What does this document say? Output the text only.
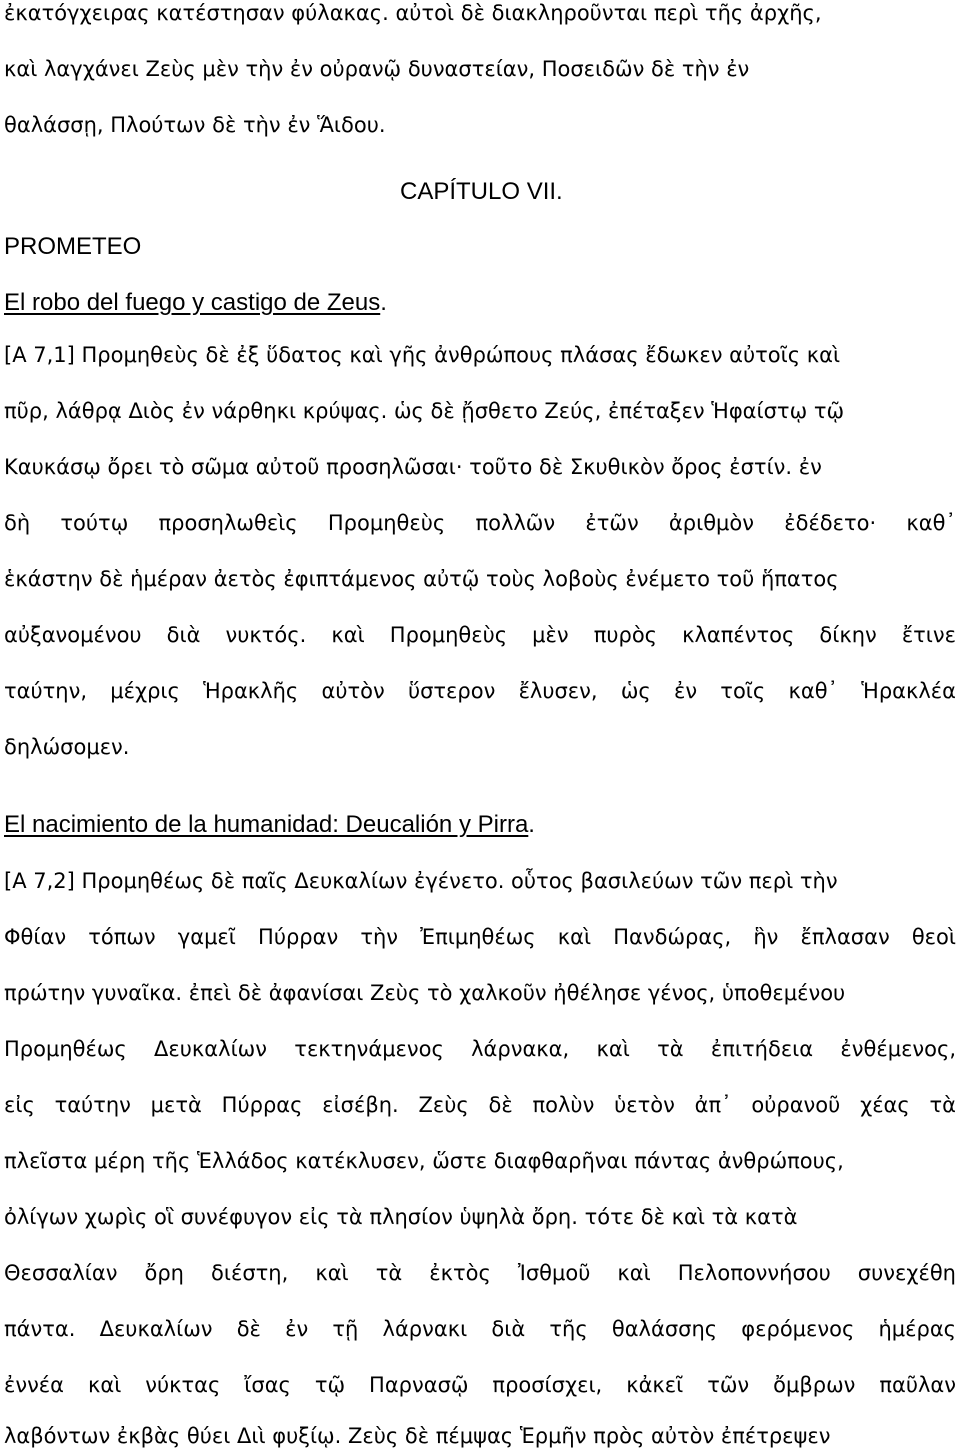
ἐκατόγχειρας κατέστησαν φύλακας. αὐτοὶ δὲ διακληροῦνται περὶ τῆς ἀρχῆς,
καὶ λαγχάνει Ζεὺς μὲν τὴν ἐν οὐρανῷ δυναστείαν, Ποσειδῶν δὲ τὴν ἐν
θαλάσσῃ, Πλούτων δὲ τὴν ἐν Ἅιδου.
CAPÍTULO VII.
PROMETEO
El robo del fuego y castigo de Zeus.
[A 7,1] Προμηθεὺς δὲ ἐξ ὕδατος καὶ γῆς ἀνθρώπους πλάσας ἔδωκεν αὐτοῖς καὶ
πῦρ, λάθρᾳ Διὸς ἐν νάρθηκι κρύψας. ὡς δὲ ᾔσθετο Ζεύς, ἐπέταξεν Ἡφαίστῳ τῷ
Καυκάσῳ ὄρει τὸ σῶμα αὐτοῦ προσηλῶσαι· τοῦτο δὲ Σκυθικὸν ὄρος ἐστίν. ἐν
δὴ τούτῳ προσηλωθεὶς Προμηθεὺς πολλῶν ἐτῶν ἀριθμὸν ἐδέδετο· καθ᾽
ἑκάστην δὲ ἡμέραν ἀετὸς ἐφιπτάμενος αὐτῷ τοὺς λοβοὺς ἐνέμετο τοῦ ἥπατος
αὐξανομένου διὰ νυκτός. καὶ Προμηθεὺς μὲν πυρὸς κλαπέντος δίκην ἔτινε
ταύτην, μέχρις Ἡρακλῆς αὐτὸν ὕστερον ἔλυσεν, ὡς ἐν τοῖς καθ᾽ Ἡρακλέα
δηλώσομεν.
El nacimiento de la humanidad: Deucalión y Pirra.
[A 7,2] Προμηθέως δὲ παῖς Δευκαλίων ἐγένετο. οὗτος βασιλεύων τῶν περὶ τὴν
Φθίαν τόπων γαμεῖ Πύρραν τὴν Ἐπιμηθέως καὶ Πανδώρας, ἣν ἔπλασαν θεοὶ
πρώτην γυναῖκα. ἐπεὶ δὲ ἀφανίσαι Ζεὺς τὸ χαλκοῦν ἠθέλησε γένος, ὑποθεμένου
Προμηθέως Δευκαλίων τεκτηνάμενος λάρνακα, καὶ τὰ ἐπιτήδεια ἐνθέμενος,
εἰς ταύτην μετὰ Πύρρας εἰσέβη. Ζεὺς δὲ πολὺν ὑετὸν ἀπ᾽ οὐρανοῦ χέας τὰ
πλεῖστα μέρη τῆς Ἑλλάδος κατέκλυσεν, ὥστε διαφθαρῆναι πάντας ἀνθρώπους,
ὀλίγων χωρὶς οἳ συνέφυγον εἰς τὰ πλησίον ὑψηλὰ ὄρη. τότε δὲ καὶ τὰ κατὰ
Θεσσαλίαν ὄρη διέστη, καὶ τὰ ἐκτὸς Ἰσθμοῦ καὶ Πελοποννήσου συνεχέθη
πάντα. Δευκαλίων δὲ ἐν τῇ λάρνακι διὰ τῆς θαλάσσης φερόμενος ἡμέρας
ἐννέα καὶ νύκτας ἴσας τῷ Παρνασῷ προσίσχει, κἀκεῖ τῶν ὄμβρων παῦλαν
λαβόντων ἐκβὰς θύει Διὶ φυξίῳ. Ζεὺς δὲ πέμψας Ἑρμῆν πρὸς αὐτὸν ἐπέτρεψεν
